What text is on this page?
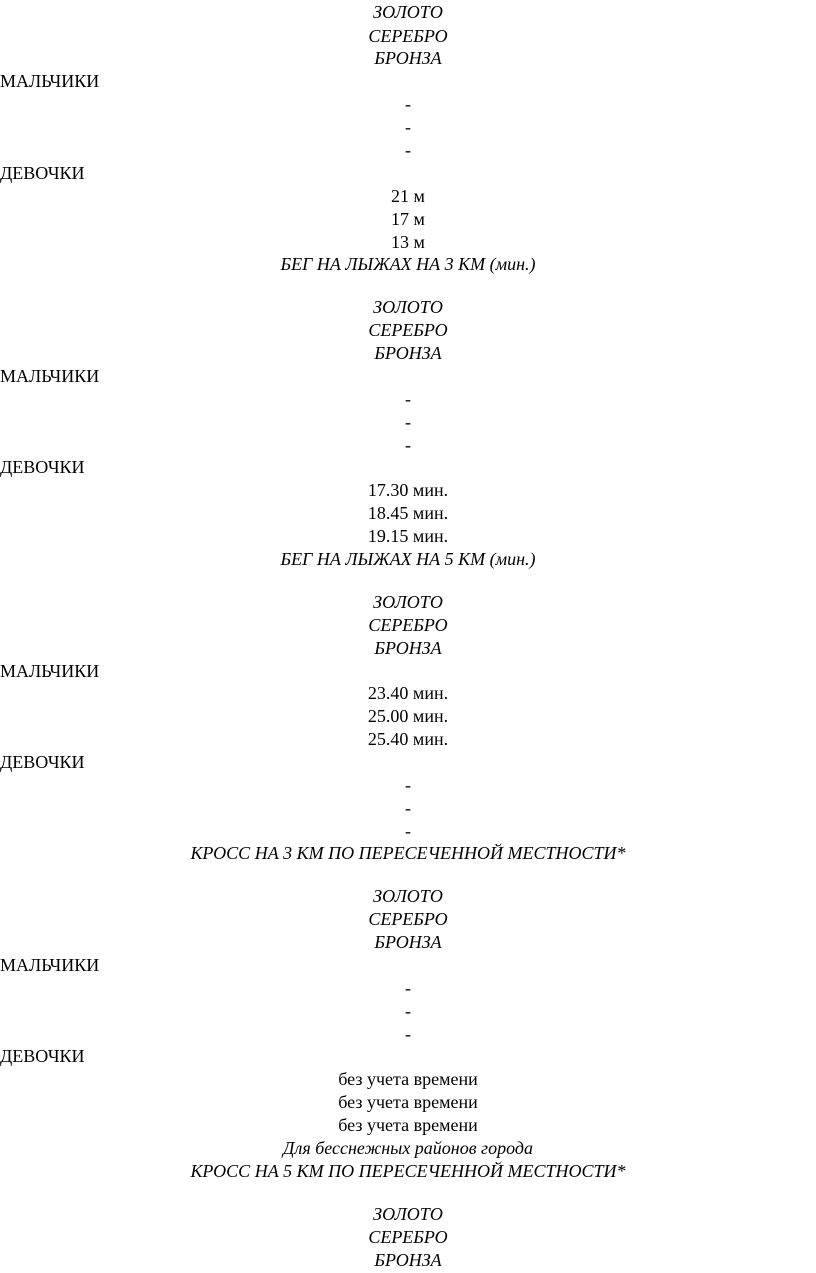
ЗОЛОТО
СЕРЕБРО
БРОНЗА
МАЛЬЧИКИ
-
-
-
ДЕВОЧКИ
21 м
17 м
13 м
БЕГ НА ЛЫЖАХ НА 3 КМ (мин.)
ЗОЛОТО
СЕРЕБРО
БРОНЗА
МАЛЬЧИКИ
-
-
-
ДЕВОЧКИ
17.30 мин.
18.45 мин.
19.15 мин.
БЕГ НА ЛЫЖАХ НА 5 КМ (мин.)
ЗОЛОТО
СЕРЕБРО
БРОНЗА
МАЛЬЧИКИ
23.40 мин.
25.00 мин.
25.40 мин.
ДЕВОЧКИ
-
-
-
КРОСС НА 3 КМ ПО ПЕРЕСЕЧЕННОЙ МЕСТНОСТИ*
ЗОЛОТО
СЕРЕБРО
БРОНЗА
МАЛЬЧИКИ
-
-
-
ДЕВОЧКИ
без учета времени
без учета времени
без учета времени
Для бесснежных районов города
КРОСС НА 5 КМ ПО ПЕРЕСЕЧЕННОЙ МЕСТНОСТИ*
ЗОЛОТО
СЕРЕБРО
БРОНЗА
